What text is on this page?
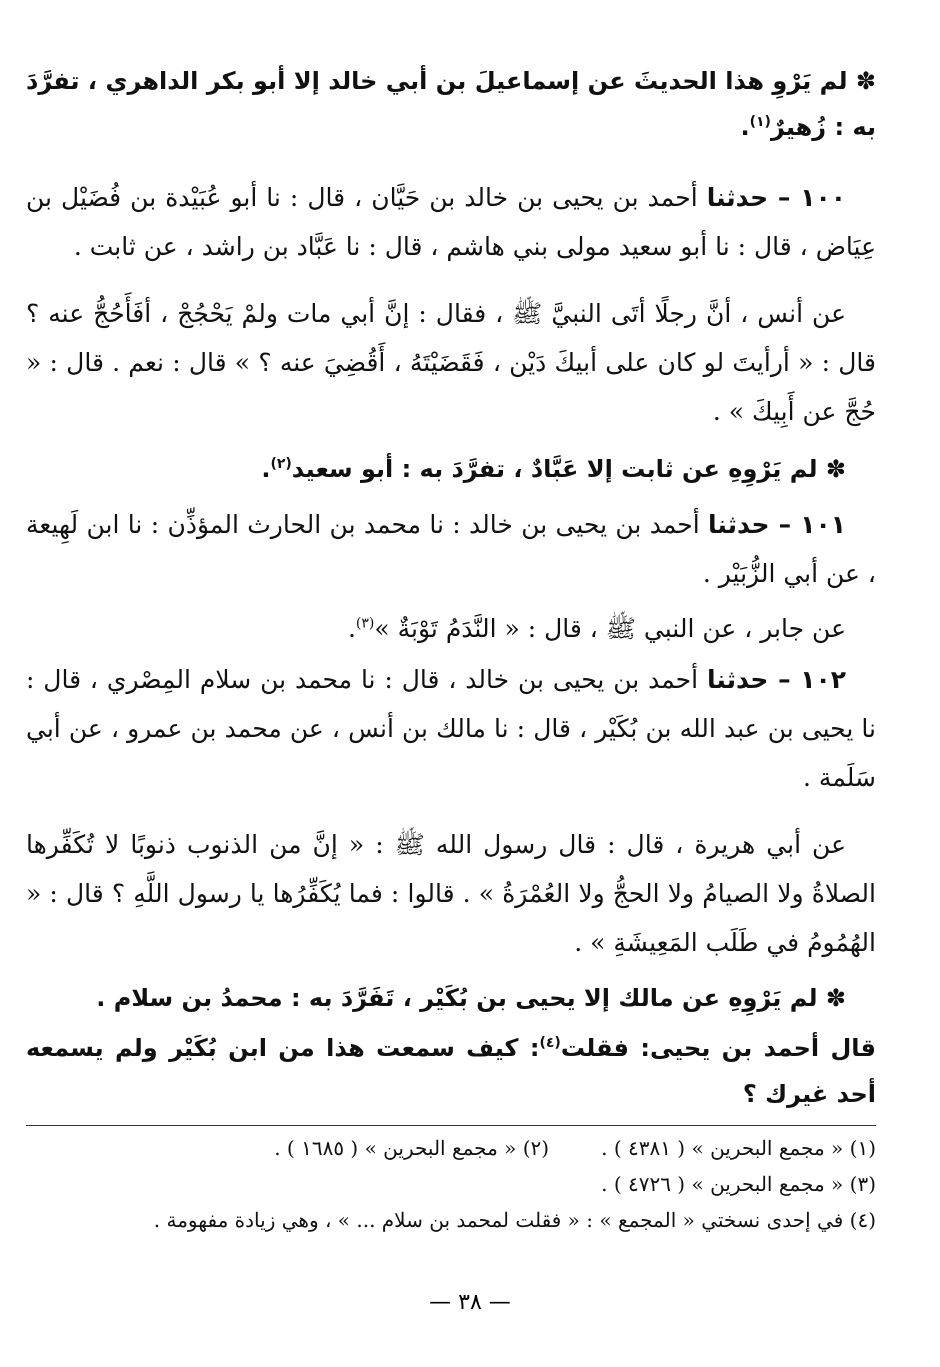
✽ لم يَرْوِ هذا الحديثَ عن إسماعيلَ بن أبي خالد إلا أبو بكر الداهري ، تفرَّدَ به : زُهيرٌ$^{(١)}$.

١٠٠ – حدثنا أحمد بن يحيى بن خالد بن حَيَّان ، قال : نا أبو عُبَيْدة بن فُضَيْل بن عِيَاض ، قال : نا أبو سعيد مولى بني هاشم ، قال : نا عَبَّاد بن راشد ، عن ثابت .

عن أنس ، أنَّ رجلًا أتَى النبيَّ ﷺ ، فقال : إنَّ أبي مات ولمْ يَحْجُجْ ، أفَأَحُجُّ عنه ؟ قال : « أرأيتَ لو كان على أبيكَ دَيْن ، فَقَضَيْتَهُ ، أَقُضِيَ عنه ؟ » قال : نعم . قال : « حُجَّ عن أَبِيكَ » .

✽ لم يَرْوِهِ عن ثابت إلا عَبَّادٌ ، تفرَّدَ به : أبو سعيد$^{(٢)}$.

١٠١ – حدثنا أحمد بن يحيى بن خالد : نا محمد بن الحارث المؤذِّن : نا ابن لَهِيعة ، عن أبي الزُّبَيْر .

عن جابر ، عن النبي ﷺ ، قال : « النَّدَمُ تَوْبَةٌ »$^{(٣)}$.

١٠٢ – حدثنا أحمد بن يحيى بن خالد ، قال : نا محمد بن سلام المِصْري ، قال : نا يحيى بن عبد الله بن بُكَيْر ، قال : نا مالك بن أنس ، عن محمد بن عمرو ، عن أبي سَلَمة .

عن أبي هريرة ، قال : قال رسول الله ﷺ : « إنَّ من الذنوب ذنوبًا لا تُكَفِّرها الصلاةُ ولا الصيامُ ولا الحجُّ ولا العُمْرَةُ » . قالوا : فما يُكَفِّرُها يا رسول اللَّهِ ؟ قال : « الهُمُومُ في طَلَب المَعِيشَةِ » .

✽ لم يَرْوِهِ عن مالك إلا يحيى بن بُكَيْر ، تَفَرَّدَ به : محمدُ بن سلام .

قال أحمد بن يحيى: فقلت$^{(٤)}$: كيف سمعت هذا من ابن بُكَيْر ولم يسمعه أحد غيرك ؟

(١) « مجمع البحرين » ( ٤٣٨١ ) .
(٢) « مجمع البحرين » ( ١٦٨٥ ) .
(٣) « مجمع البحرين » ( ٤٧٢٦ ) .
(٤) في إحدى نسختي « المجمع » : « فقلت لمحمد بن سلام ... » ، وهي زيادة مفهومة .
— ٣٨ —
